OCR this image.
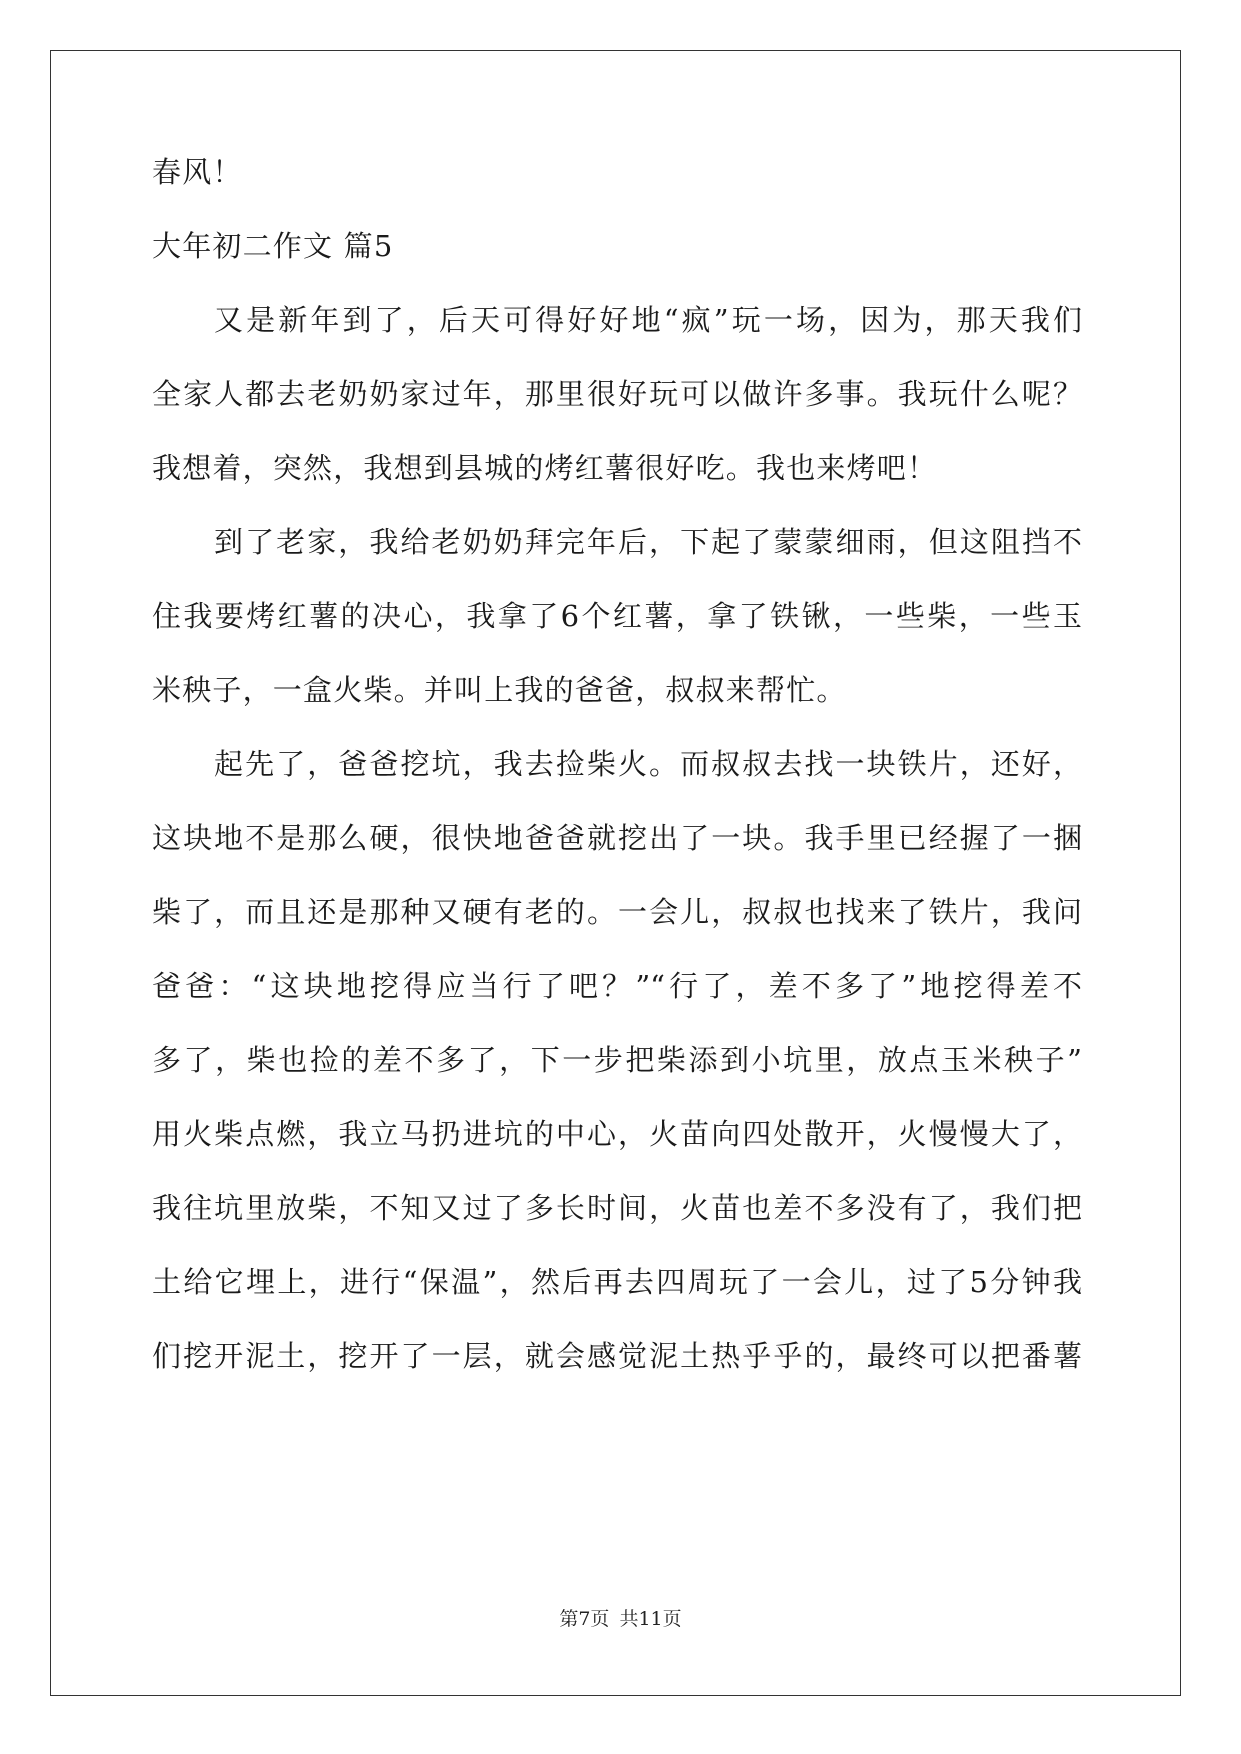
春风！
大年初二作文 篇5
又是新年到了，后天可得好好地“疯”玩一场，因为，那天我们
全家人都去老奶奶家过年，那里很好玩可以做许多事。我玩什么呢？
我想着，突然，我想到县城的烤红薯很好吃。我也来烤吧！
到了老家，我给老奶奶拜完年后，下起了蒙蒙细雨，但这阻挡不
住我要烤红薯的决心，我拿了6个红薯，拿了铁锹，一些柴，一些玉
米秧子，一盒火柴。并叫上我的爸爸，叔叔来帮忙。
起先了，爸爸挖坑，我去捡柴火。而叔叔去找一块铁片，还好，
这块地不是那么硬，很快地爸爸就挖出了一块。我手里已经握了一捆
柴了，而且还是那种又硬有老的。一会儿，叔叔也找来了铁片，我问
爸爸：“这块地挖得应当行了吧？”“行了，差不多了”地挖得差不
多了，柴也捡的差不多了，下一步把柴添到小坑里，放点玉米秧子”
用火柴点燃，我立马扔进坑的中心，火苗向四处散开，火慢慢大了，
我往坑里放柴，不知又过了多长时间，火苗也差不多没有了，我们把
土给它埋上，进行“保温”，然后再去四周玩了一会儿，过了5分钟我
们挖开泥土，挖开了一层，就会感觉泥土热乎乎的，最终可以把番薯
第7页 共11页
